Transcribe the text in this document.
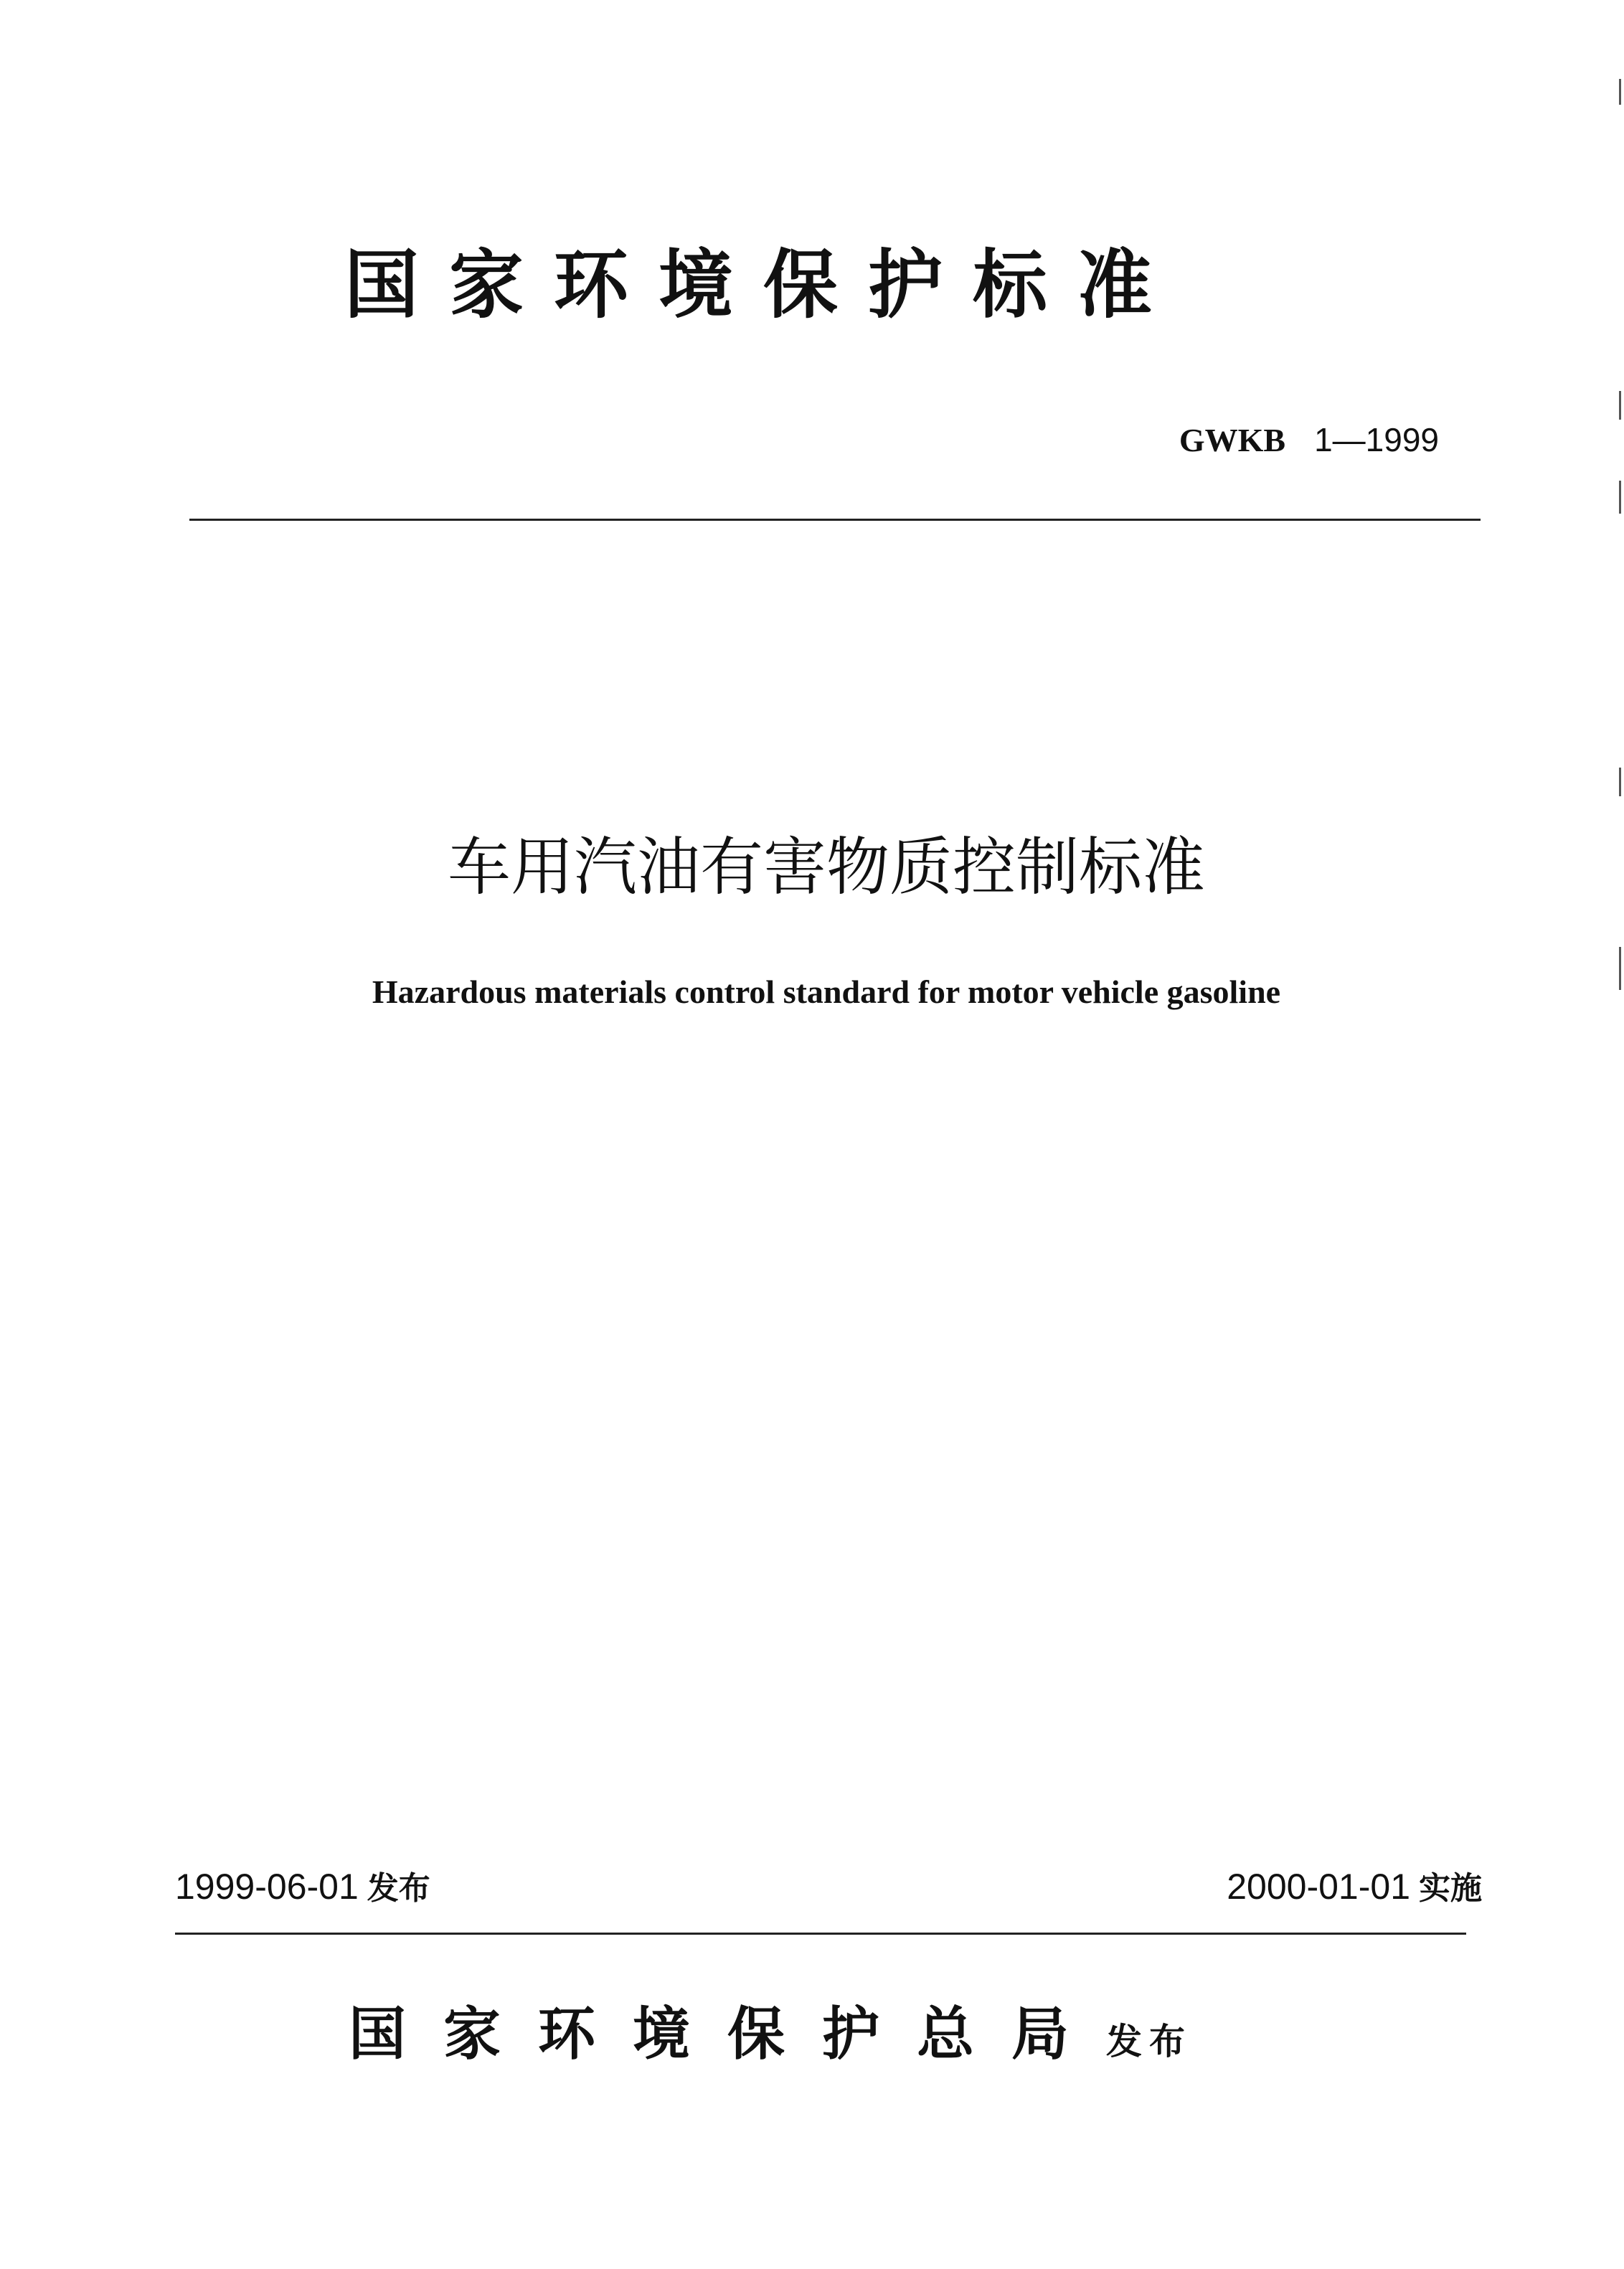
国家环境保护标准
GWKB 1—1999
车用汽油有害物质控制标准
Hazardous materials control standard for motor vehicle gasoline
1999-06-01 发布	2000-01-01 实施
国家环境保护总局发布
